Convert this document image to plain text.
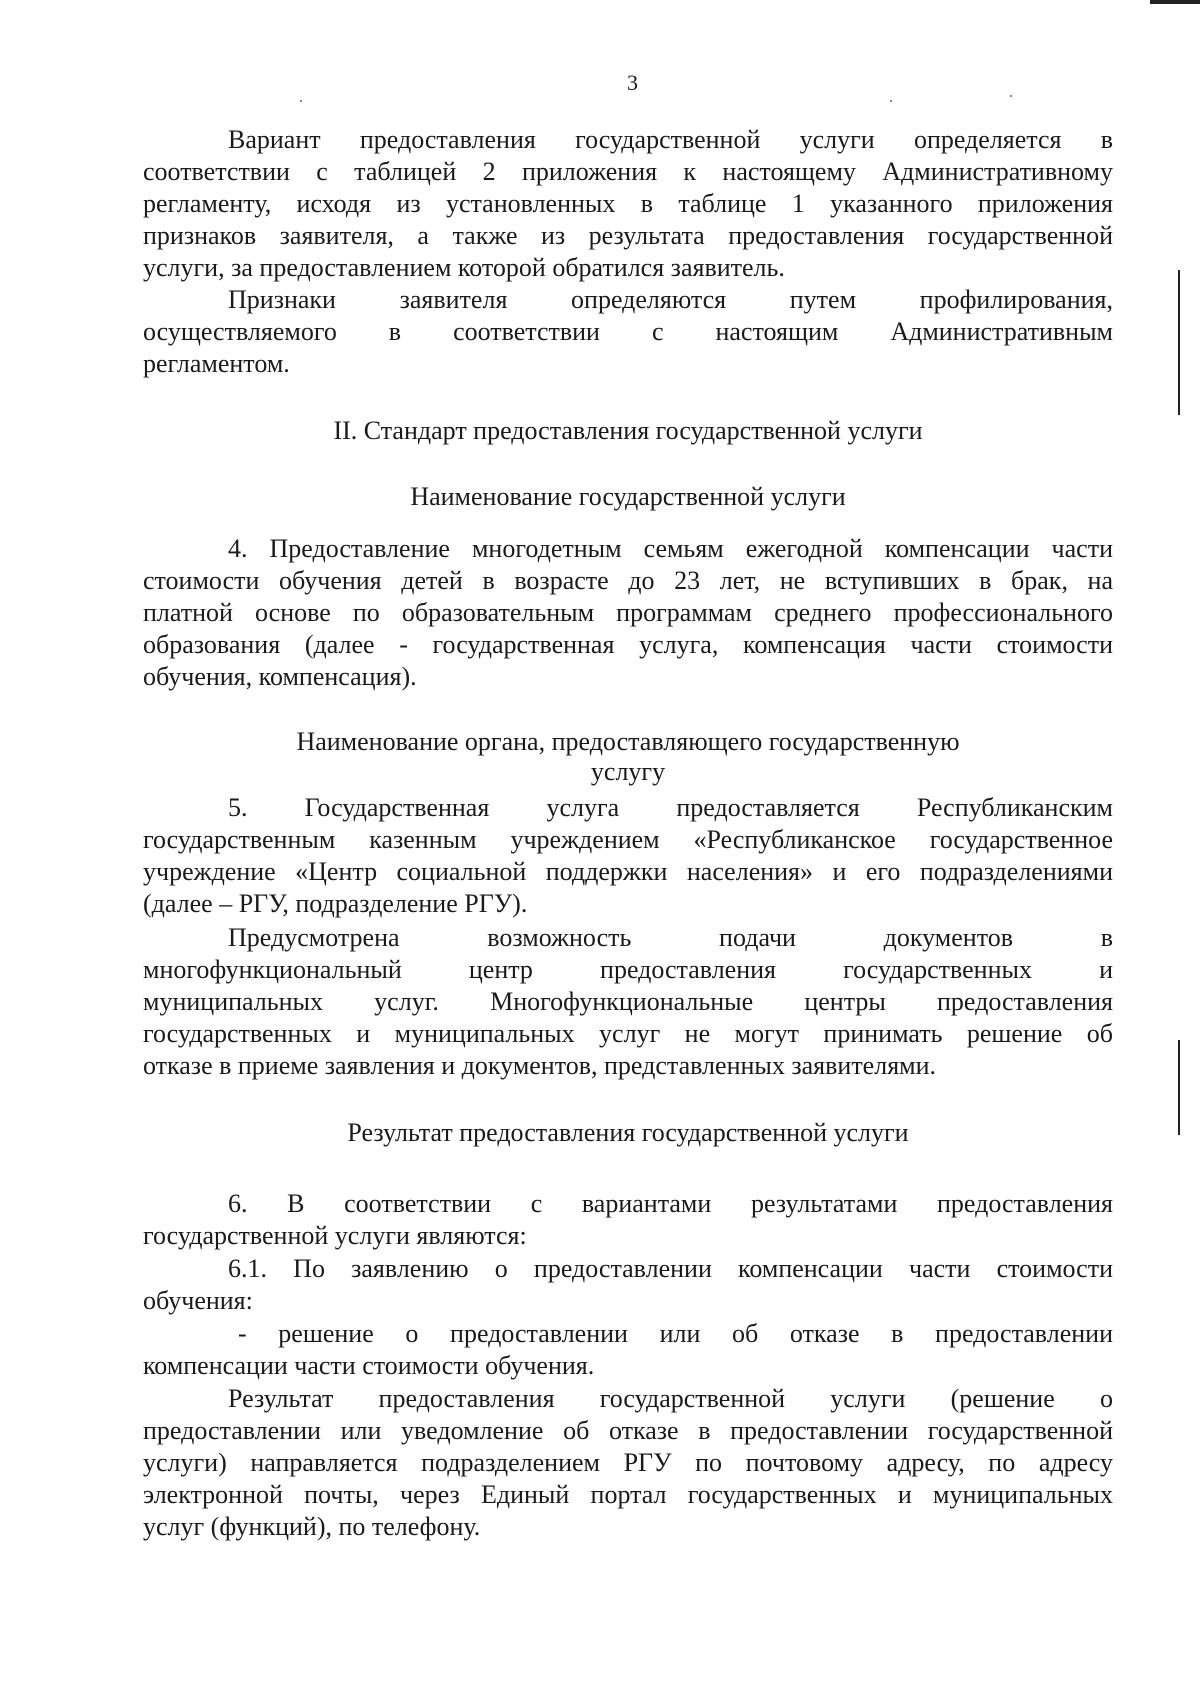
3
Вариант предоставления государственной услуги определяется в
соответствии с таблицей 2 приложения к настоящему Административному
регламенту, исходя из установленных в таблице 1 указанного приложения
признаков заявителя, а также из результата предоставления государственной
услуги, за предоставлением которой обратился заявитель.
Признаки заявителя определяются путем профилирования,
осуществляемого в соответствии с настоящим Административным
регламентом.
II. Стандарт предоставления государственной услуги
Наименование государственной услуги
4. Предоставление многодетным семьям ежегодной компенсации части
стоимости обучения детей в возрасте до 23 лет, не вступивших в брак, на
платной основе по образовательным программам среднего профессионального
образования (далее - государственная услуга, компенсация части стоимости
обучения, компенсация).
Наименование органа, предоставляющего государственную
услугу
5. Государственная услуга предоставляется Республиканским
государственным казенным учреждением «Республиканское государственное
учреждение «Центр социальной поддержки населения» и его подразделениями
(далее – РГУ, подразделение РГУ).
Предусмотрена возможность подачи документов в
многофункциональный центр предоставления государственных и
муниципальных услуг. Многофункциональные центры предоставления
государственных и муниципальных услуг не могут принимать решение об
отказе в приеме заявления и документов, представленных заявителями.
Результат предоставления государственной услуги
6. В соответствии с вариантами результатами предоставления
государственной услуги являются:
6.1. По заявлению о предоставлении компенсации части стоимости
обучения:
- решение о предоставлении или об отказе в предоставлении
компенсации части стоимости обучения.
Результат предоставления государственной услуги (решение о
предоставлении или уведомление об отказе в предоставлении государственной
услуги) направляется подразделением РГУ по почтовому адресу, по адресу
электронной почты, через Единый портал государственных и муниципальных
услуг (функций), по телефону.
